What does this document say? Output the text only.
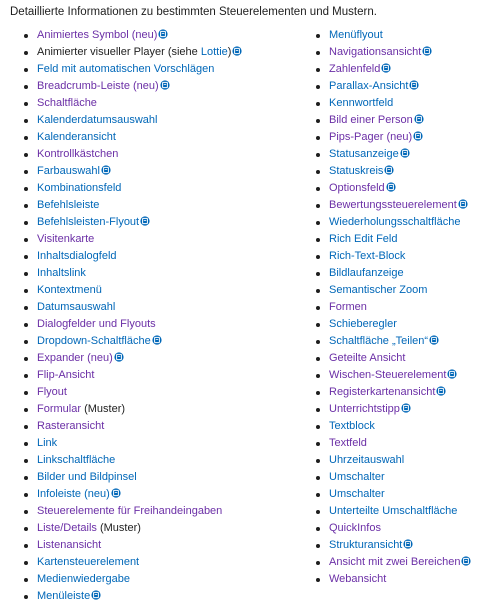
Detaillierte Informationen zu bestimmten Steuerelementen und Mustern.
Animiertes Symbol (neu)
Animierter visueller Player (siehe Lottie)
Feld mit automatischen Vorschlägen
Breadcrumb-Leiste (neu)
Schaltfläche
Kalenderdatumsauswahl
Kalenderansicht
Kontrollkästchen
Farbauswahl
Kombinationsfeld
Befehlsleiste
Befehlsleisten-Flyout
Visitenkarte
Inhaltsdialogfeld
Inhaltslink
Kontextmenü
Datumsauswahl
Dialogfelder und Flyouts
Dropdown-Schaltfläche
Expander (neu)
Flip-Ansicht
Flyout
Formular (Muster)
Rasteransicht
Link
Linkschaltfläche
Bilder und Bildpinsel
Infoleiste (neu)
Steuerelemente für Freihandeingaben
Liste/Details (Muster)
Listenansicht
Kartensteuerelement
Medienwiedergabe
Menüleiste
Menüflyout
Navigationsansicht
Zahlenfeld
Parallax-Ansicht
Kennwortfeld
Bild einer Person
Pips-Pager (neu)
Statusanzeige
Statuskreis
Optionsfeld
Bewertungssteuerelement
Wiederholungsschaltfläche
Rich Edit Feld
Rich-Text-Block
Bildlaufanzeige
Semantischer Zoom
Formen
Schieberegler
Schaltfläche „Teilen“
Geteilte Ansicht
Wischen-Steuerelement
Registerkartenansicht
Unterrichtstipp
Textblock
Textfeld
Uhrzeitauswahl
Umschalter
Umschalter
Unterteilte Umschaltfläche
QuickInfos
Strukturansicht
Ansicht mit zwei Bereichen
Webansicht
